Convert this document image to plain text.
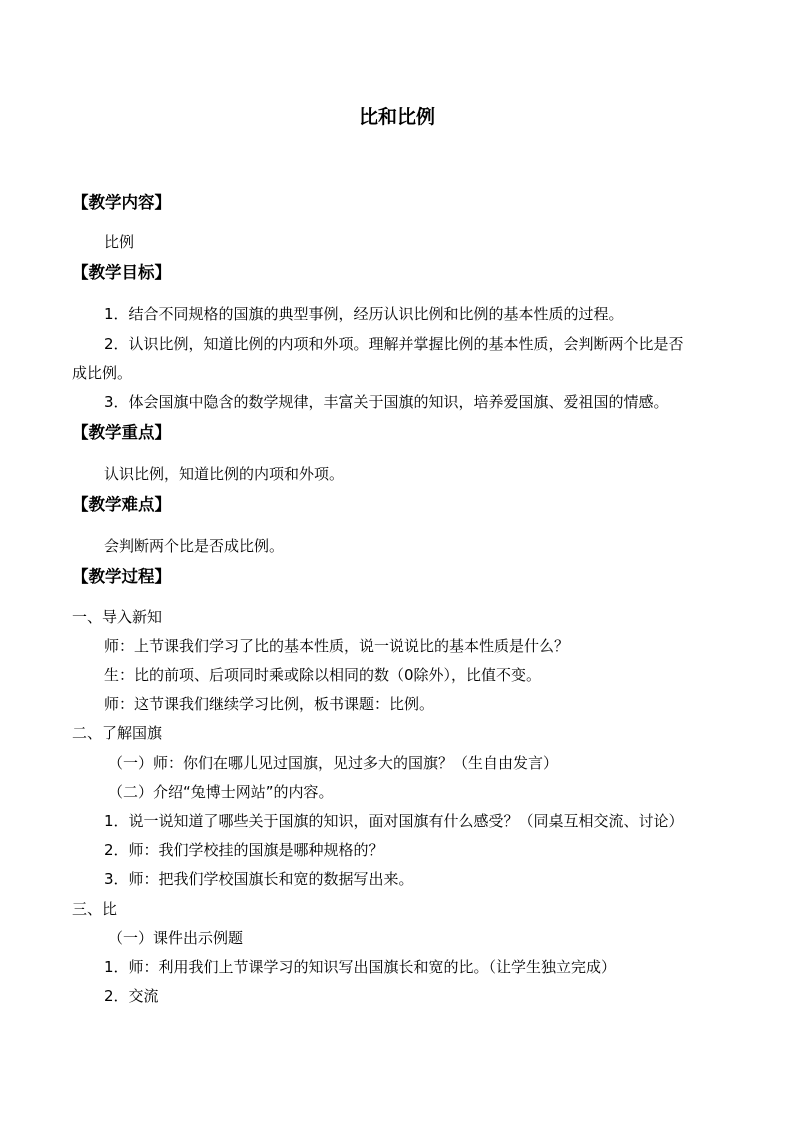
比和比例
【教学内容】
比例
【教学目标】
1．结合不同规格的国旗的典型事例，经历认识比例和比例的基本性质的过程。
2．认识比例，知道比例的内项和外项。理解并掌握比例的基本性质，会判断两个比是否
成比例。
3．体会国旗中隐含的数学规律，丰富关于国旗的知识，培养爱国旗、爱祖国的情感。
【教学重点】
认识比例，知道比例的内项和外项。
【教学难点】
会判断两个比是否成比例。
【教学过程】
一、导入新知
师：上节课我们学习了比的基本性质，说一说说比的基本性质是什么？
生：比的前项、后项同时乘或除以相同的数（0除外），比值不变。
师：这节课我们继续学习比例，板书课题：比例。
二、了解国旗
（一）师：你们在哪儿见过国旗，见过多大的国旗？（生自由发言）
（二）介绍“兔博士网站”的内容。
1．说一说知道了哪些关于国旗的知识，面对国旗有什么感受？（同桌互相交流、讨论）
2．师：我们学校挂的国旗是哪种规格的？
3．师：把我们学校国旗长和宽的数据写出来。
三、比
（一）课件出示例题
1．师：利用我们上节课学习的知识写出国旗长和宽的比。（让学生独立完成）
2．交流
